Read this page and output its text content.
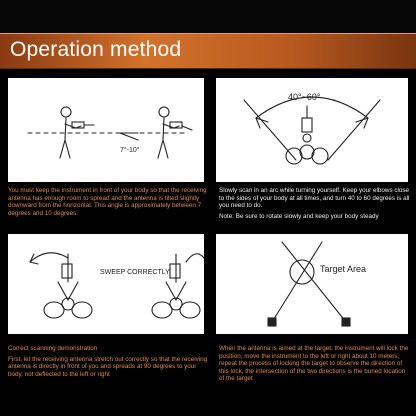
Operation method
7°-10°

You must keep the instrument in front of your body so that the receiving antenna has enough room to spread and the antenna is tilted slightly downward from the horizontal. This angle is approximately between 7 degrees and 10 degrees.

40°~60°

Slowly scan in an arc while turning yourself. Keep your elbows close to the sides of your body at all times, and turn 40 to 60 degrees is all you need to do.

Note: Be sure to rotate slowly and keep your body steady

SWEEP CORRECTLY

Correct scanning demonstration

First, let the receiving antenna stretch out correctly so that the receiving antenna is directly in front of you and spreads at 90 degrees to your body, not deflected to the left or right

Target Area

When the antenna is aimed at the target, the instrument will lock the position, move the instrument to the left or right about 10 meters, repeat the process of locking the target to observe the direction of this lock, the intersection of the two directions is the buried location of the target
